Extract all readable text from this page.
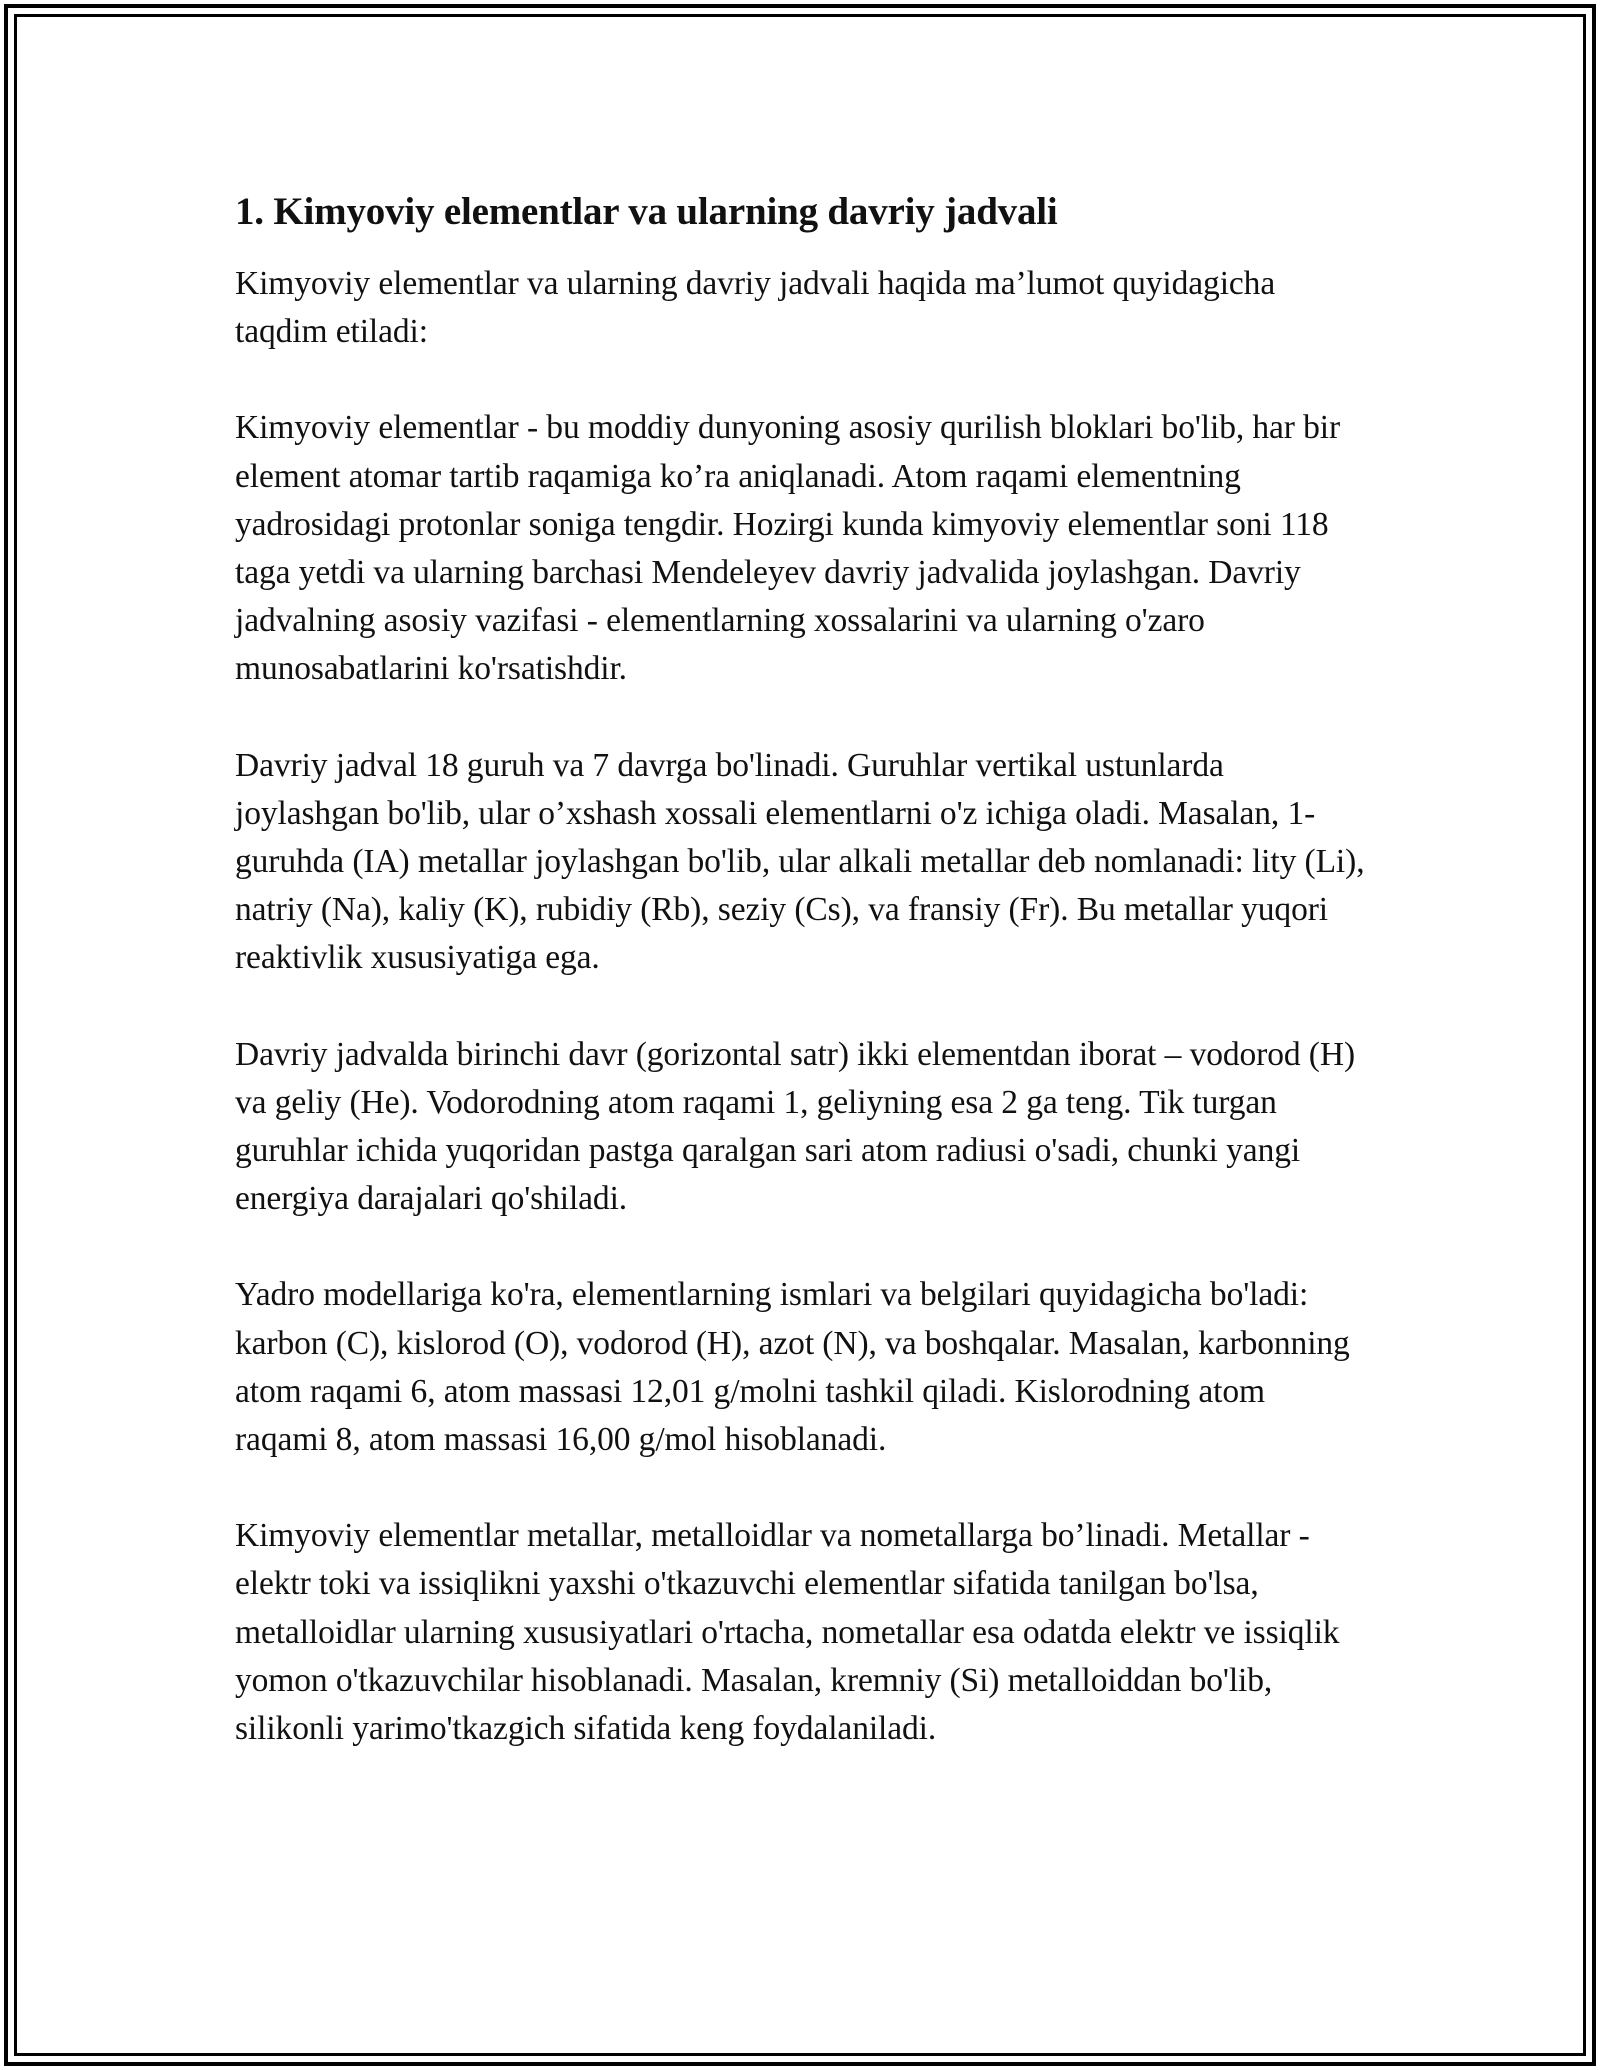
1. Kimyoviy elementlar va ularning davriy jadvali

Kimyoviy elementlar va ularning davriy jadvali haqida ma’lumot quyidagicha taqdim etiladi:

Kimyoviy elementlar - bu moddiy dunyoning asosiy qurilish bloklari bo'lib, har bir element atomar tartib raqamiga ko’ra aniqlanadi. Atom raqami elementning yadrosidagi protonlar soniga tengdir. Hozirgi kunda kimyoviy elementlar soni 118 taga yetdi va ularning barchasi Mendeleyev davriy jadvalida joylashgan. Davriy jadvalning asosiy vazifasi - elementlarning xossalarini va ularning o'zaro munosabatlarini ko'rsatishdir.

Davriy jadval 18 guruh va 7 davrga bo'linadi. Guruhlar vertikal ustunlarda joylashgan bo'lib, ular o’xshash xossali elementlarni o'z ichiga oladi. Masalan, 1-guruhda (IA) metallar joylashgan bo'lib, ular alkali metallar deb nomlanadi: lity (Li), natriy (Na), kaliy (K), rubidiy (Rb), seziy (Cs), va fransiy (Fr). Bu metallar yuqori reaktivlik xususiyatiga ega.

Davriy jadvalda birinchi davr (gorizontal satr) ikki elementdan iborat – vodorod (H) va geliy (He). Vodorodning atom raqami 1, geliyning esa 2 ga teng. Tik turgan guruhlar ichida yuqoridan pastga qaralgan sari atom radiusi o'sadi, chunki yangi energiya darajalari qo'shiladi.

Yadro modellariga ko'ra, elementlarning ismlari va belgilari quyidagicha bo'ladi: karbon (C), kislorod (O), vodorod (H), azot (N), va boshqalar. Masalan, karbonning atom raqami 6, atom massasi 12,01 g/molni tashkil qiladi. Kislorodning atom raqami 8, atom massasi 16,00 g/mol hisoblanadi.

Kimyoviy elementlar metallar, metalloidlar va nometallarga bo’linadi. Metallar - elektr toki va issiqlikni yaxshi o'tkazuvchi elementlar sifatida tanilgan bo'lsa, metalloidlar ularning xususiyatlari o'rtacha, nometallar esa odatda elektr ve issiqlik yomon o'tkazuvchilar hisoblanadi. Masalan, kremniy (Si) metalloiddan bo'lib, silikonli yarimo'tkazgich sifatida keng foydalaniladi.
